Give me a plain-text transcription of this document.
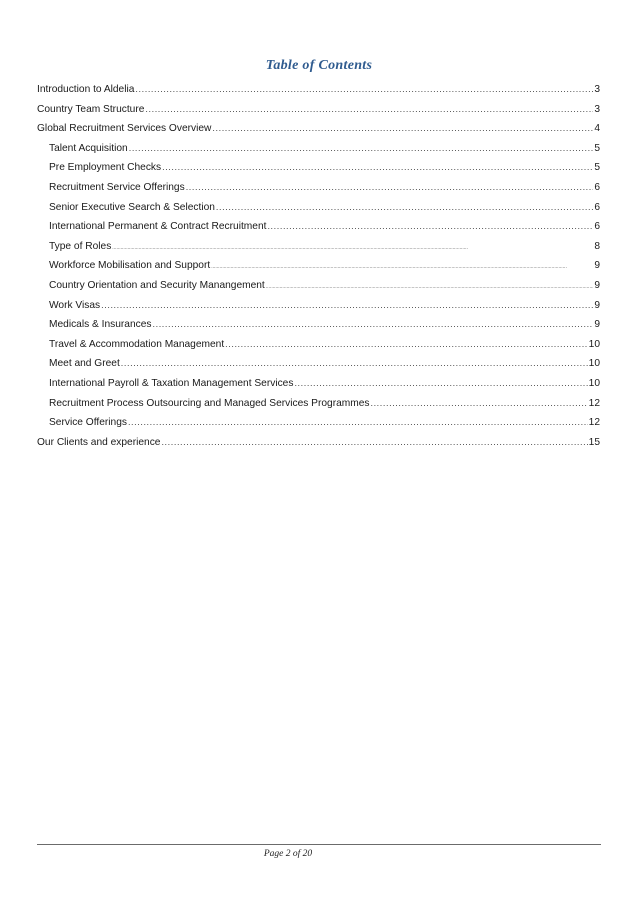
Table of Contents
Introduction to Aldelia .....	3
Country Team Structure .....	3
Global Recruitment Services Overview .....	4
Talent Acquisition .....	5
Pre Employment Checks .....	5
Recruitment Service Offerings .....	6
Senior Executive Search & Selection .....	6
International Permanent & Contract Recruitment .....	6
Type of Roles .....	8
Workforce Mobilisation and Support .....	9
Country Orientation and Security Manangement .....	9
Work Visas .....	9
Medicals & Insurances .....	9
Travel & Accommodation Management .....	10
Meet and Greet .....	10
International Payroll & Taxation Management Services .....	10
Recruitment Process Outsourcing and Managed Services Programmes .....	12
Service Offerings .....	12
Our Clients and experience .....	15
Page 2 of 20
